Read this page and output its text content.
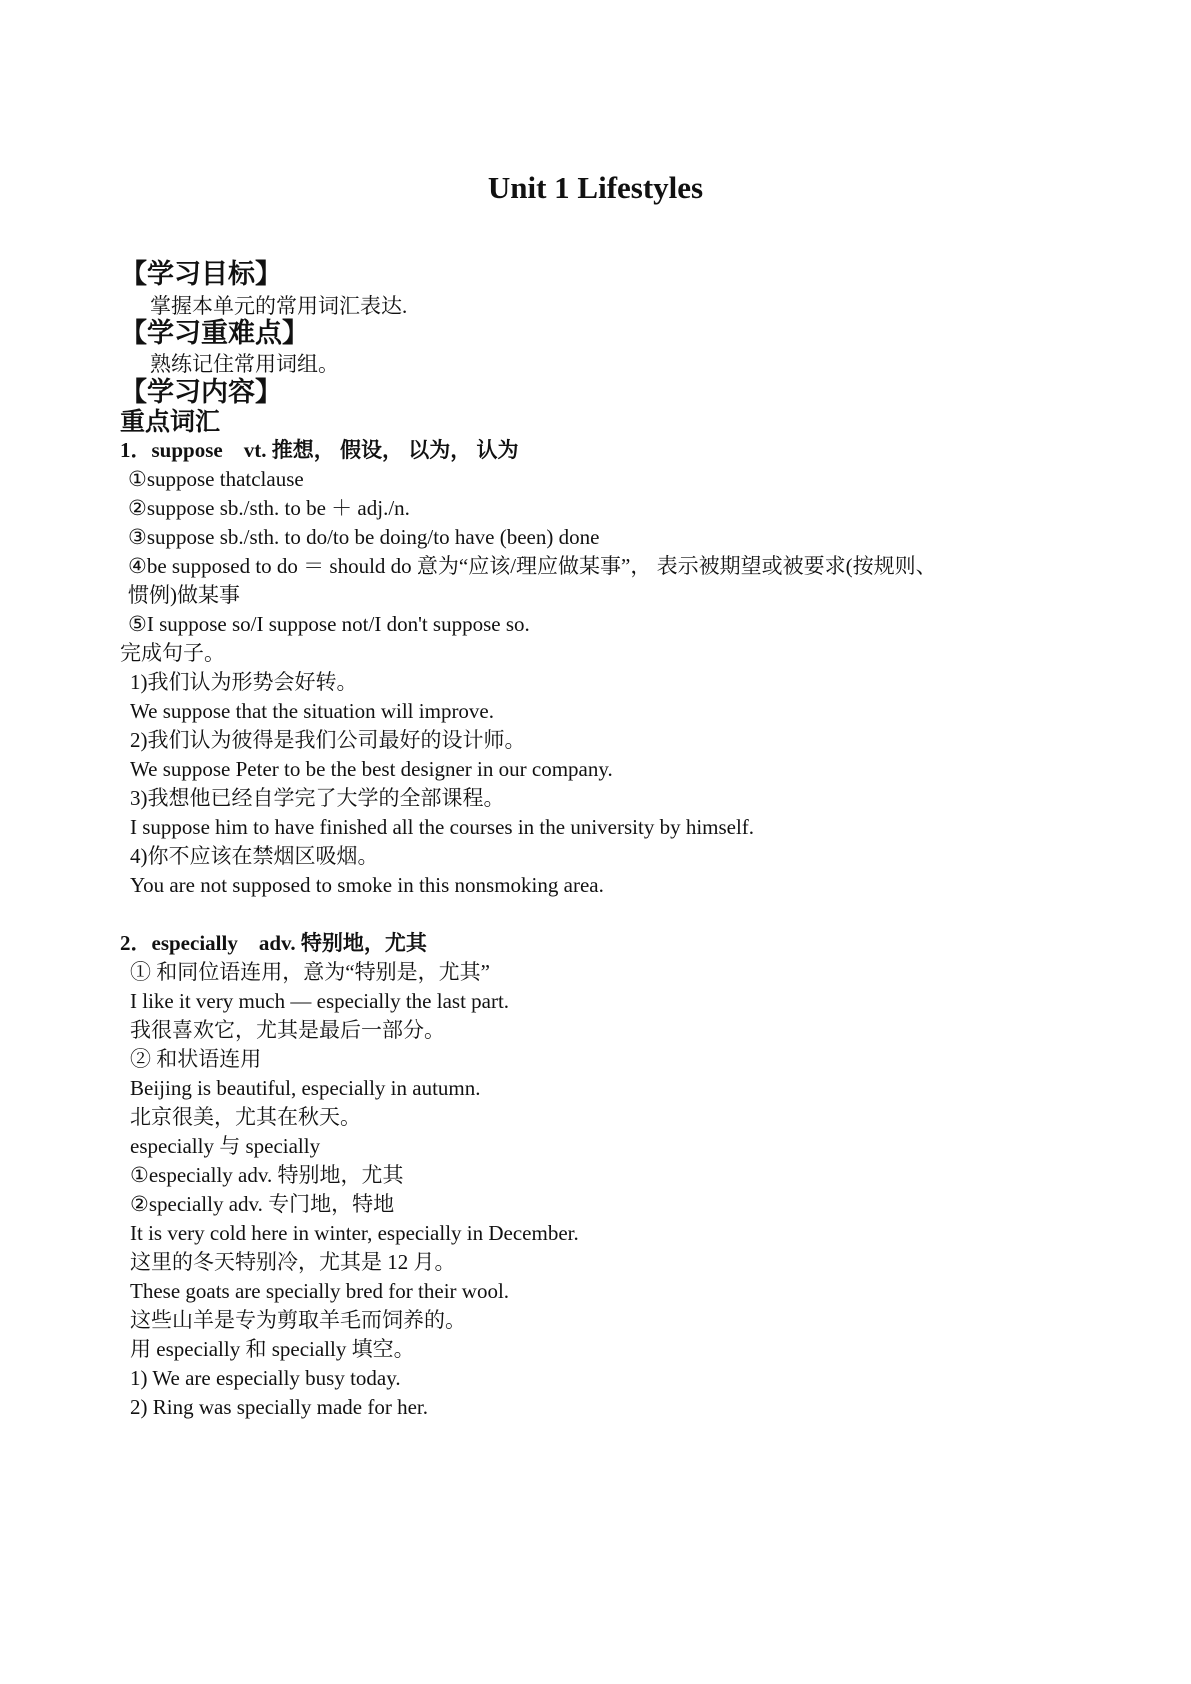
Unit 1 Lifestyles
【学习目标】
掌握本单元的常用词汇表达.
【学习重难点】
熟练记住常用词组。
【学习内容】
重点词汇
1．suppose　vt. 推想， 假设， 以为， 认为
①suppose thatclause
②suppose sb./sth. to be ＋ adj./n.
③suppose sb./sth. to do/to be doing/to have (been) done
④be supposed to do ＝ should do 意为“应该/理应做某事”， 表示被期望或被要求(按规则、
惯例)做某事
⑤I suppose so/I suppose not/I don't suppose so.
完成句子。
1)我们认为形势会好转。
We suppose that the situation will improve.
2)我们认为彼得是我们公司最好的设计师。
We suppose Peter to be the best designer in our company.
3)我想他已经自学完了大学的全部课程。
I suppose him to have finished all the courses in the university by himself.
4)你不应该在禁烟区吸烟。
You are not supposed to smoke in this nonsmoking area.
2．especially　adv. 特别地，尤其
① 和同位语连用，意为“特别是，尤其”
I like it very much — especially the last part.
我很喜欢它，尤其是最后一部分。
② 和状语连用
Beijing is beautiful, especially in autumn.
北京很美，尤其在秋天。
especially 与 specially
①especially adv. 特别地，尤其
②specially adv. 专门地，特地
It is very cold here in winter, especially in December.
这里的冬天特别冷，尤其是 12 月。
These goats are specially bred for their wool.
这些山羊是专为剪取羊毛而饲养的。
用 especially 和 specially 填空。
1) We are especially busy today.
2) Ring was specially made for her.
